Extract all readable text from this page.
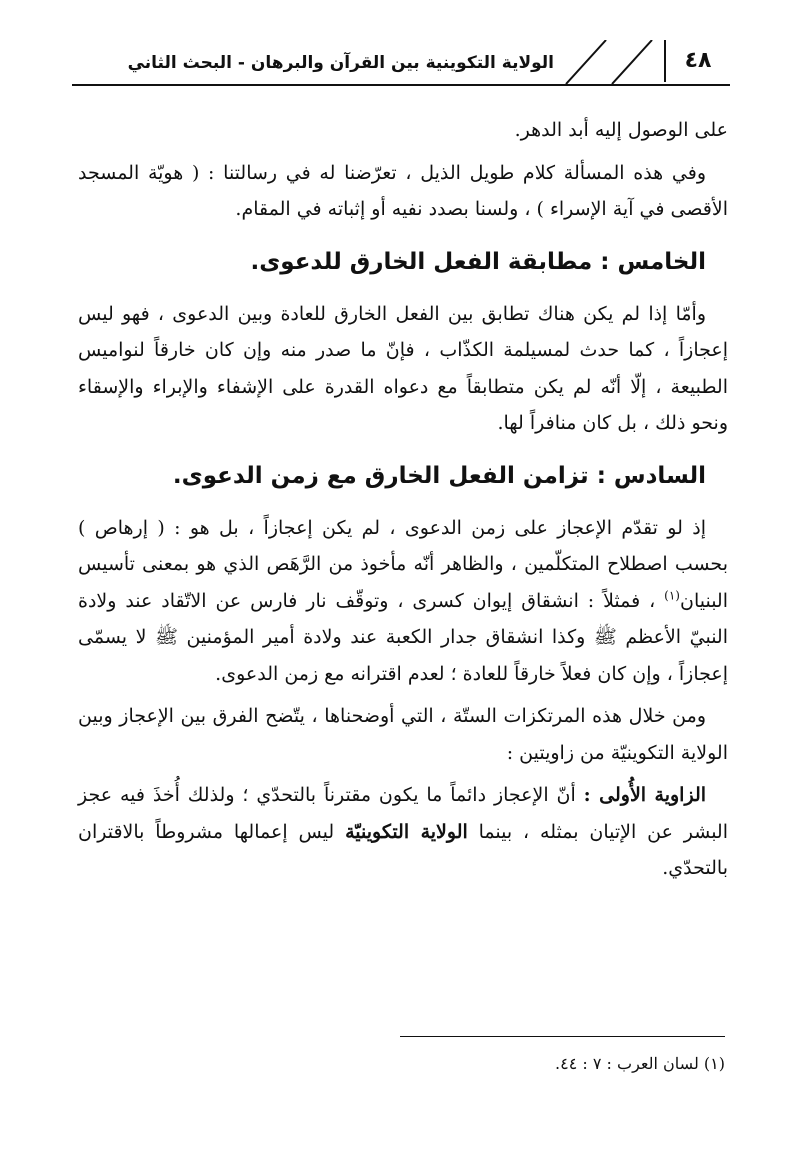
٤٨
الولاية التكوينية بين القرآن والبرهان - البحث الثاني

على الوصول إليه أبد الدهر.

وفي هذه المسألة كلام طويل الذيل ، تعرّضنا له في رسالتنا : ( هويّة المسجد الأقصى في آية الإسراء ) ، ولسنا بصدد نفيه أو إثباته في المقام.

الخامس : مطابقة الفعل الخارق للدعوى.

وأمّا إذا لم يكن هناك تطابق بين الفعل الخارق للعادة وبين الدعوى ، فهو ليس إعجازاً ، كما حدث لمسيلمة الكذّاب ، فإنّ ما صدر منه وإن كان خارقاً لنواميس الطبيعة ، إلّا أنّه لم يكن متطابقاً مع دعواه القدرة على الإشفاء والإبراء والإسقاء ونحو ذلك ، بل كان منافراً لها.

السادس : تزامن الفعل الخارق مع زمن الدعوى.

إذ لو تقدّم الإعجاز على زمن الدعوى ، لم يكن إعجازاً ، بل هو : ( إرهاص ) بحسب اصطلاح المتكلّمين ، والظاهر أنّه مأخوذ من الرَّهَص الذي هو بمعنى تأسيس البنيان$^{(١)}$ ، فمثلاً : انشقاق إيوان كسرى ، وتوقّف نار فارس عن الاتّقاد عند ولادة النبيّ الأعظم ﷺ وكذا انشقاق جدار الكعبة عند ولادة أمير المؤمنين ﷺ لا يسمّى إعجازاً ، وإن كان فعلاً خارقاً للعادة ؛ لعدم اقترانه مع زمن الدعوى.

ومن خلال هذه المرتكزات الستّة ، التي أوضحناها ، يتّضح الفرق بين الإعجاز وبين الولاية التكوينيّة من زاويتين :

الزاوية الأُولى : أنّ الإعجاز دائماً ما يكون مقترناً بالتحدّي ؛ ولذلك أُخذَ فيه عجز البشر عن الإتيان بمثله ، بينما الولاية التكوينيّة ليس إعمالها مشروطاً بالاقتران بالتحدّي.

(١) لسان العرب : ٧ : ٤٤.
